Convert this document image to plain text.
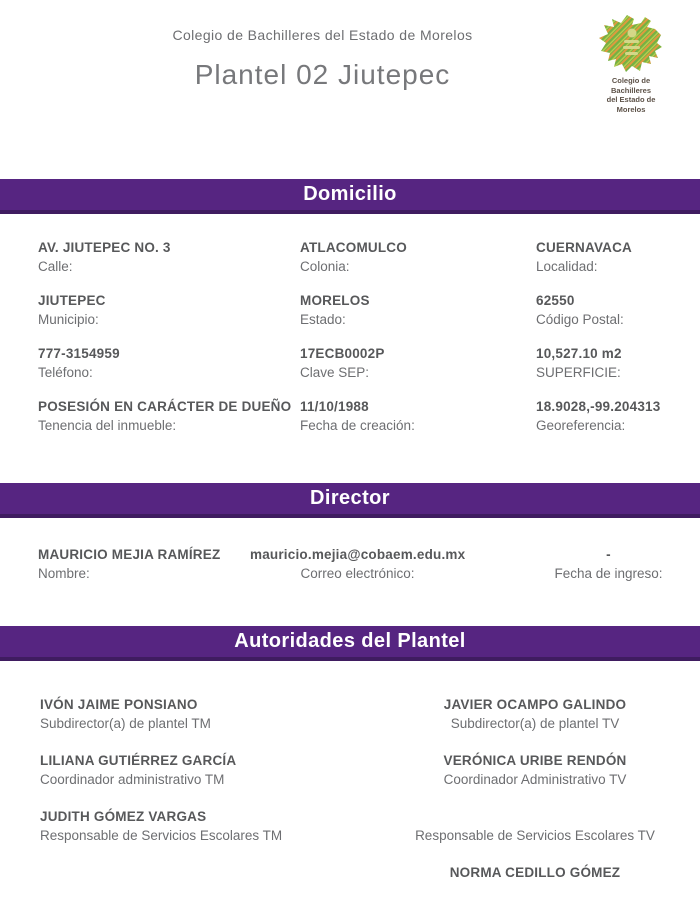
Colegio de Bachilleres del Estado de Morelos
Plantel 02 Jiutepec	Colegio de Bachilleres
del Estado de Morelos
Domicilio
AV. JIUTEPEC NO. 3
Calle:
ATLACOMULCO
Colonia:
CUERNAVACA
Localidad:
JIUTEPEC
Municipio:
MORELOS
Estado:
62550
Código Postal:
777-3154959
Teléfono:
17ECB0002P
Clave SEP:
10,527.10 m2
SUPERFICIE:
POSESIÓN EN CARÁCTER DE DUEÑO
Tenencia del inmueble:
11/10/1988
Fecha de creación:
18.9028,-99.204313
Georeferencia:
Director
MAURICIO MEJIA RAMÍREZ
Nombre:
mauricio.mejia@cobaem.edu.mx
Correo electrónico:
-
Fecha de ingreso:
Autoridades del Plantel
IVÓN JAIME PONSIANO
Subdirector(a) de plantel TM
LILIANA GUTIÉRREZ GARCÍA
Coordinador administrativo TM
JUDITH GÓMEZ VARGAS
Responsable de Servicios Escolares TM
JAVIER OCAMPO GALINDO
Subdirector(a) de plantel TV
VERÓNICA URIBE RENDÓN
Coordinador Administrativo TV
Responsable de Servicios Escolares TV
NORMA CEDILLO GÓMEZ
